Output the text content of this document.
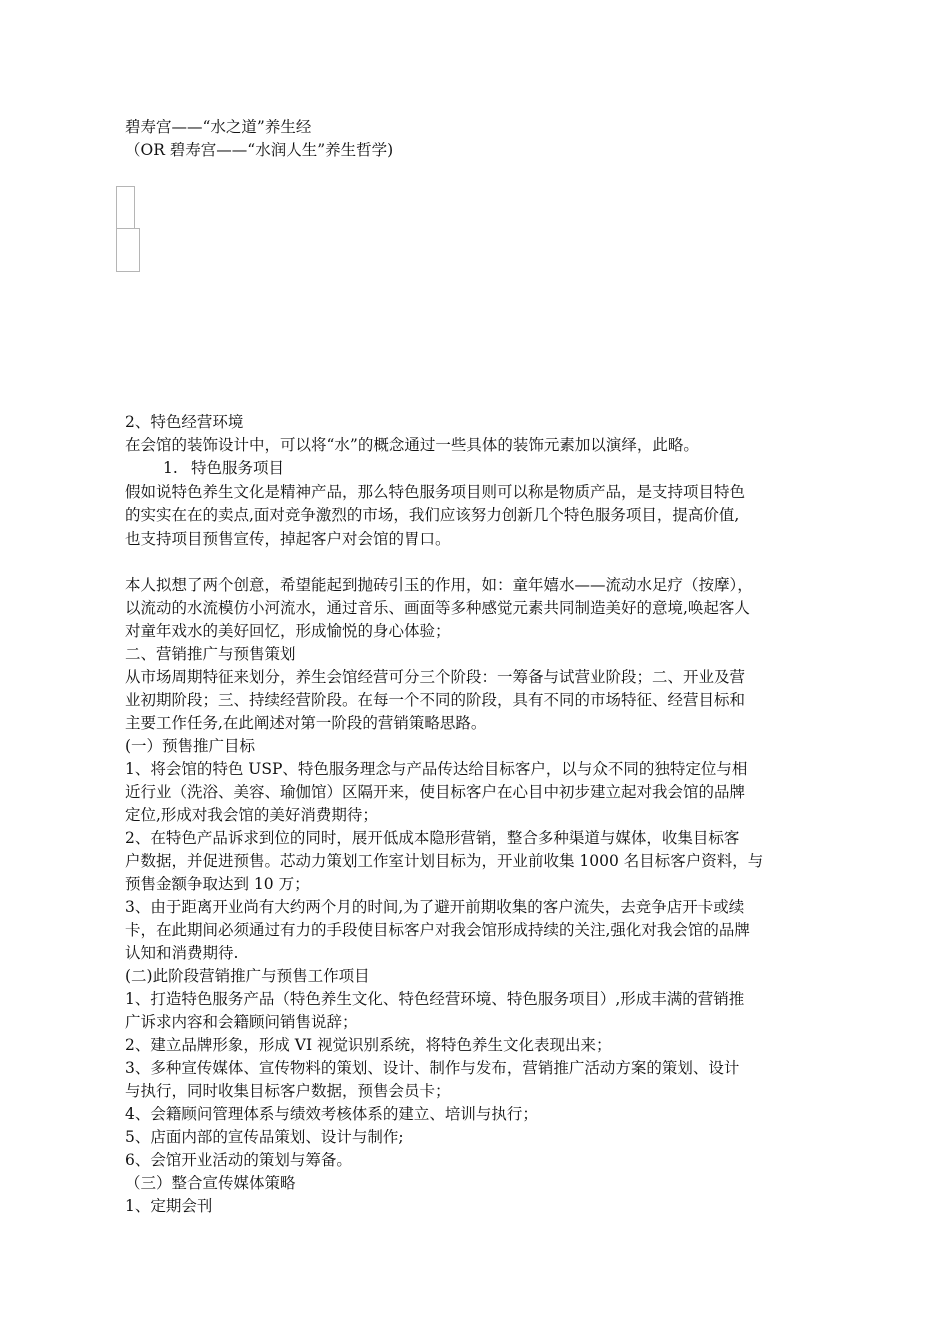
碧寿宫——“水之道”养生经
（OR 碧寿宫——“水润人生”养生哲学)
2、特色经营环境
在会馆的装饰设计中，可以将“水”的概念通过一些具体的装饰元素加以演绎，此略。
1. 特色服务项目
假如说特色养生文化是精神产品，那么特色服务项目则可以称是物质产品，是支持项目特色
的实实在在的卖点,面对竞争激烈的市场，我们应该努力创新几个特色服务项目，提高价值,
也支持项目预售宣传，掉起客户对会馆的胃口。
本人拟想了两个创意，希望能起到抛砖引玉的作用，如：童年嬉水——流动水足疗（按摩），
以流动的水流模仿小河流水，通过音乐、画面等多种感觉元素共同制造美好的意境,唤起客人
对童年戏水的美好回忆，形成愉悦的身心体验；
二、营销推广与预售策划
从市场周期特征来划分，养生会馆经营可分三个阶段：一筹备与试营业阶段；二、开业及营
业初期阶段；三、持续经营阶段。在每一个不同的阶段，具有不同的市场特征、经营目标和
主要工作任务,在此阐述对第一阶段的营销策略思路。
(一）预售推广目标
1、将会馆的特色 USP、特色服务理念与产品传达给目标客户，以与众不同的独特定位与相
近行业（洗浴、美容、瑜伽馆）区隔开来，使目标客户在心目中初步建立起对我会馆的品牌
定位,形成对我会馆的美好消费期待；
2、在特色产品诉求到位的同时，展开低成本隐形营销，整合多种渠道与媒体，收集目标客
户数据，并促进预售。芯动力策划工作室计划目标为，开业前收集 1000 名目标客户资料，与
预售金额争取达到 10 万；
3、由于距离开业尚有大约两个月的时间,为了避开前期收集的客户流失，去竞争店开卡或续
卡，在此期间必须通过有力的手段使目标客户对我会馆形成持续的关注,强化对我会馆的品牌
认知和消费期待.
(二)此阶段营销推广与预售工作项目
1、打造特色服务产品（特色养生文化、特色经营环境、特色服务项目）,形成丰满的营销推
广诉求内容和会籍顾问销售说辞；
2、建立品牌形象，形成 VI 视觉识别系统，将特色养生文化表现出来；
3、多种宣传媒体、宣传物料的策划、设计、制作与发布，营销推广活动方案的策划、设计
与执行，同时收集目标客户数据，预售会员卡；
4、会籍顾问管理体系与绩效考核体系的建立、培训与执行；
5、店面内部的宣传品策划、设计与制作;
6、会馆开业活动的策划与筹备。
（三）整合宣传媒体策略
1、定期会刊
